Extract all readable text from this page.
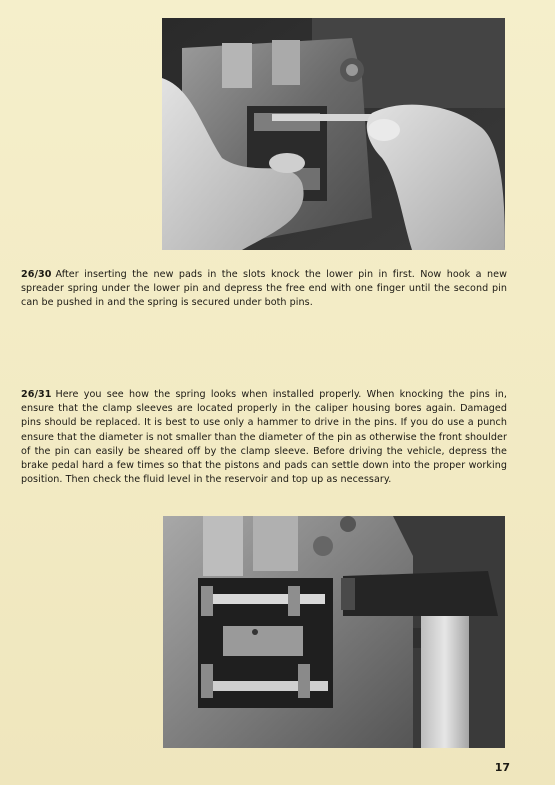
26/30 After inserting the new pads in the slots knock the lower pin in first. Now hook a new spreader spring under the lower pin and depress the free end with one finger until the second pin can be pushed in and the spring is secured under both pins.
26/31 Here you see how the spring looks when installed properly. When knocking the pins in, ensure that the clamp sleeves are located properly in the caliper housing bores again. Damaged pins should be replaced. It is best to use only a hammer to drive in the pins. If you do use a punch ensure that the diameter is not smaller than the diameter of the pin as otherwise the front shoulder of the pin can easily be sheared off by the clamp sleeve. Before driving the vehicle, depress the brake pedal hard a few times so that the pistons and pads can settle down into the proper working position. Then check the fluid level in the reservoir and top up as necessary.
17
